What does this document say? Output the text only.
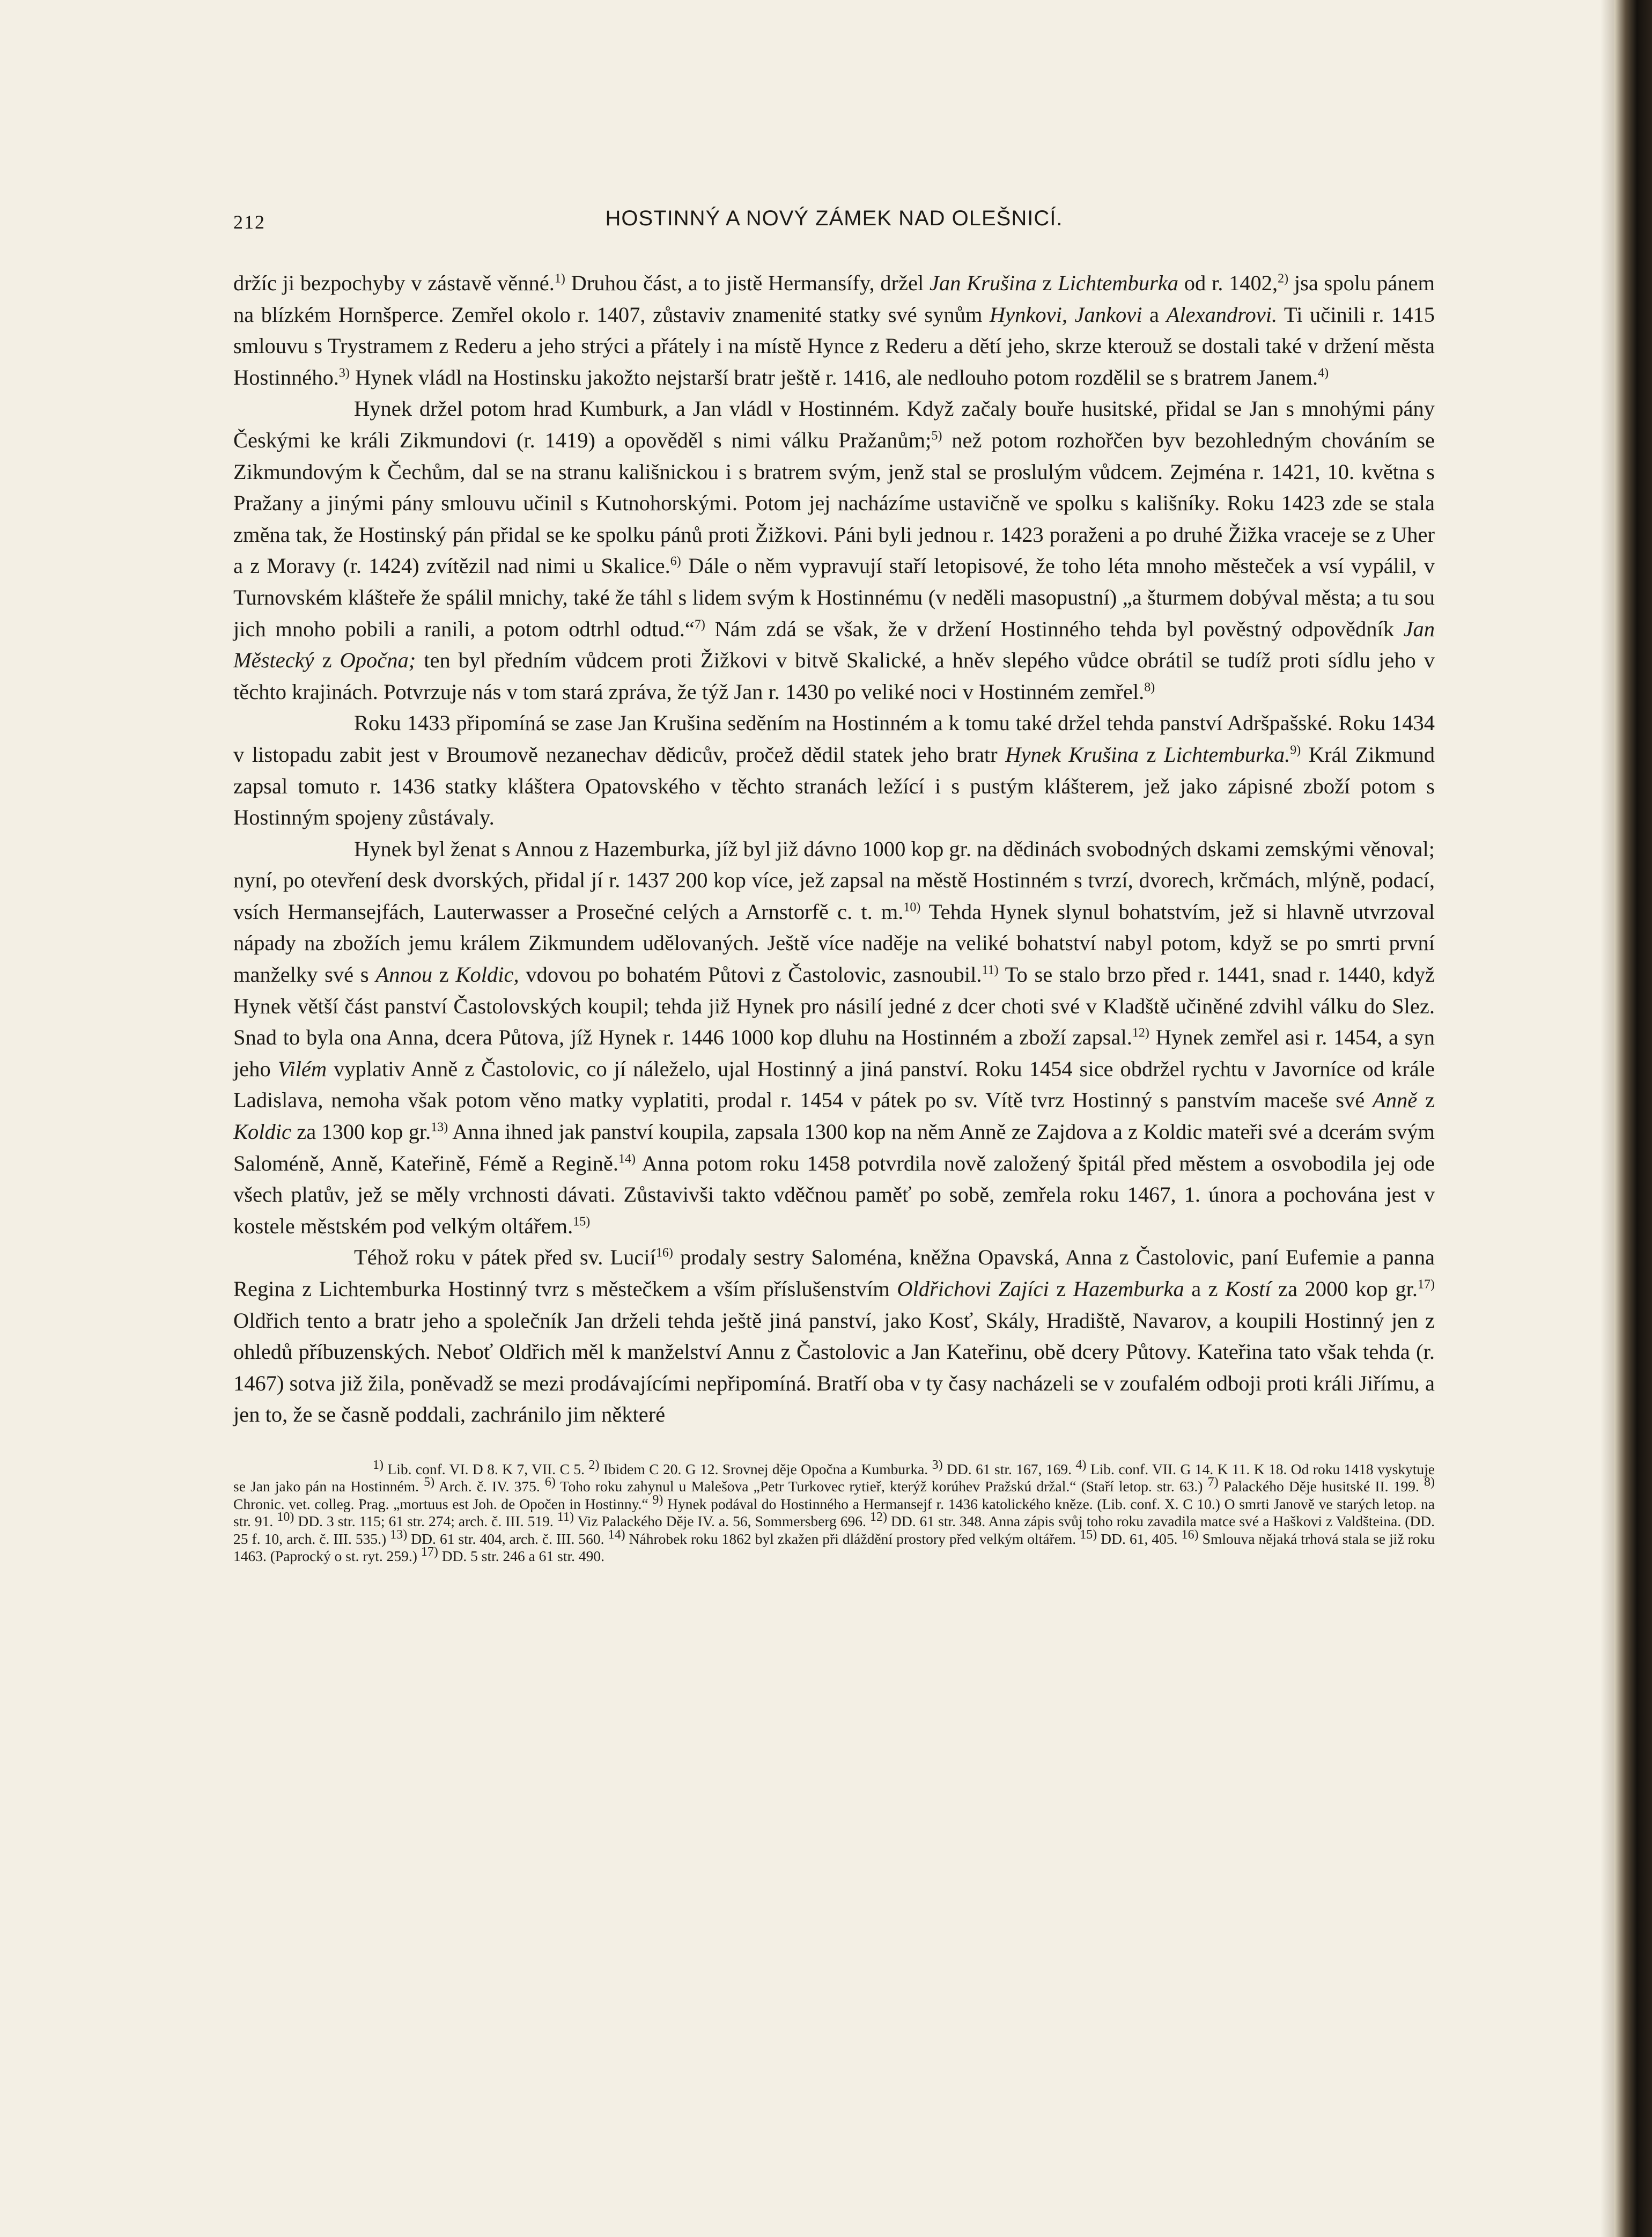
212	HOSTINNÝ A NOVÝ ZÁMEK NAD OLEŠNICÍ.

držíc ji bezpochyby v zástavě věnné.$^{1)}$ Druhou část, a to jistě Hermansífy, držel Jan Krušina z Lichtemburka od r. 1402,$^{2)}$ jsa spolu pánem na blízkém Hornšperce. Zemřel okolo r. 1407, zůstaviv znamenité statky své synům Hynkovi, Jankovi a Alexandrovi. Ti učinili r. 1415 smlouvu s Trystramem z Rederu a jeho strýci a přátely i na místě Hynce z Rederu a dětí jeho, skrze kterouž se dostali také v držení města Hostinného.$^{3)}$ Hynek vládl na Hostinsku jakožto nejstarší bratr ještě r. 1416, ale nedlouho potom rozdělil se s bratrem Janem.$^{4)}$

Hynek držel potom hrad Kumburk, a Jan vládl v Hostinném. Když začaly bouře husitské, přidal se Jan s mnohými pány Českými ke králi Zikmundovi (r. 1419) a opověděl s nimi válku Pražanům;$^{5)}$ než potom rozhořčen byv bezohledným chováním se Zikmundovým k Čechům, dal se na stranu kališnickou i s bratrem svým, jenž stal se proslulým vůdcem. Zejména r. 1421, 10. května s Pražany a jinými pány smlouvu učinil s Kutnohorskými. Potom jej nacházíme ustavičně ve spolku s kališníky. Roku 1423 zde se stala změna tak, že Hostinský pán přidal se ke spolku pánů proti Žižkovi. Páni byli jednou r. 1423 poraženi a po druhé Žižka vraceje se z Uher a z Moravy (r. 1424) zvítězil nad nimi u Skalice.$^{6)}$ Dále o něm vypravují staří letopisové, že toho léta mnoho městeček a vsí vypálil, v Turnovském klášteře že spálil mnichy, také že táhl s lidem svým k Hostinnému (v neděli masopustní) „a šturmem dobýval města; a tu sou jich mnoho pobili a ranili, a potom odtrhl odtud.“$^{7)}$ Nám zdá se však, že v držení Hostinného tehda byl pověstný odpovědník Jan Městecký z Opočna; ten byl předním vůdcem proti Žižkovi v bitvě Skalické, a hněv slepého vůdce obrátil se tudíž proti sídlu jeho v těchto krajinách. Potvrzuje nás v tom stará zpráva, že týž Jan r. 1430 po veliké noci v Hostinném zemřel.$^{8)}$

Roku 1433 připomíná se zase Jan Krušina seděním na Hostinném a k tomu také držel tehda panství Adršpašské. Roku 1434 v listopadu zabit jest v Broumově nezanechav dědicův, pročež dědil statek jeho bratr Hynek Krušina z Lichtemburka.$^{9)}$ Král Zikmund zapsal tomuto r. 1436 statky kláštera Opatovského v těchto stranách ležící i s pustým klášterem, jež jako zápisné zboží potom s Hostinným spojeny zůstávaly.

Hynek byl ženat s Annou z Hazemburka, jíž byl již dávno 1000 kop gr. na dědinách svobodných dskami zemskými věnoval; nyní, po otevření desk dvorských, přidal jí r. 1437 200 kop více, jež zapsal na městě Hostinném s tvrzí, dvorech, krčmách, mlýně, podací, vsích Hermansejfách, Lauterwasser a Prosečné celých a Arnstorfě c. t. m.$^{10)}$ Tehda Hynek slynul bohatstvím, jež si hlavně utvrzoval nápady na zbožích jemu králem Zikmundem udělovaných. Ještě více naděje na veliké bohatství nabyl potom, když se po smrti první manželky své s Annou z Koldic, vdovou po bohatém Půtovi z Častolovic, zasnoubil.$^{11)}$ To se stalo brzo před r. 1441, snad r. 1440, když Hynek větší část panství Častolovských koupil; tehda již Hynek pro násilí jedné z dcer choti své v Kladště učiněné zdvihl válku do Slez. Snad to byla ona Anna, dcera Půtova, jíž Hynek r. 1446 1000 kop dluhu na Hostinném a zboží zapsal.$^{12)}$ Hynek zemřel asi r. 1454, a syn jeho Vilém vyplativ Anně z Častolovic, co jí náleželo, ujal Hostinný a jiná panství. Roku 1454 sice obdržel rychtu v Javorníce od krále Ladislava, nemoha však potom věno matky vyplatiti, prodal r. 1454 v pátek po sv. Vítě tvrz Hostinný s panstvím maceše své Anně z Koldic za 1300 kop gr.$^{13)}$ Anna ihned jak panství koupila, zapsala 1300 kop na něm Anně ze Zajdova a z Koldic mateři své a dcerám svým Saloméně, Anně, Kateřině, Fémě a Regině.$^{14)}$ Anna potom roku 1458 potvrdila nově založený špitál před městem a osvobodila jej ode všech platův, jež se měly vrchnosti dávati. Zůstavivši takto vděčnou paměť po sobě, zemřela roku 1467, 1. února a pochována jest v kostele městském pod velkým oltářem.$^{15)}$

Téhož roku v pátek před sv. Lucií$^{16)}$ prodaly sestry Saloména, kněžna Opavská, Anna z Častolovic, paní Eufemie a panna Regina z Lichtemburka Hostinný tvrz s městečkem a vším příslušenstvím Oldřichovi Zajíci z Hazemburka a z Kostí za 2000 kop gr.$^{17)}$ Oldřich tento a bratr jeho a společník Jan drželi tehda ještě jiná panství, jako Kosť, Skály, Hradiště, Navarov, a koupili Hostinný jen z ohledů příbuzenských. Neboť Oldřich měl k manželství Annu z Častolovic a Jan Kateřinu, obě dcery Půtovy. Kateřina tato však tehda (r. 1467) sotva již žila, poněvadž se mezi prodávajícími nepřipomíná. Bratří oba v ty časy nacházeli se v zoufalém odboji proti králi Jiřímu, a jen to, že se časně poddali, zachránilo jim některé

$^{1)}$ Lib. conf. VI. D 8. K 7, VII. C 5. $^{2)}$ Ibidem C 20. G 12. Srovnej děje Opočna a Kumburka. $^{3)}$ DD. 61 str. 167, 169. $^{4)}$ Lib. conf. VII. G 14. K 11. K 18. Od roku 1418 vyskytuje se Jan jako pán na Hostinném. $^{5)}$ Arch. č. IV. 375. $^{6)}$ Toho roku zahynul u Malešova „Petr Turkovec rytieř, kterýž korúhev Pražskú držal.“ (Staří letop. str. 63.) $^{7)}$ Palackého Děje husitské II. 199. $^{8)}$ Chronic. vet. colleg. Prag. „mortuus est Joh. de Opočen in Hostinny.“ $^{9)}$ Hynek podával do Hostinného a Hermansejf r. 1436 katolického kněze. (Lib. conf. X. C 10.) O smrti Janově ve starých letop. na str. 91. $^{10)}$ DD. 3 str. 115; 61 str. 274; arch. č. III. 519. $^{11)}$ Viz Palackého Děje IV. a. 56, Sommersberg 696. $^{12)}$ DD. 61 str. 348. Anna zápis svůj toho roku zavadila matce své a Haškovi z Valdšteina. (DD. 25 f. 10, arch. č. III. 535.) $^{13)}$ DD. 61 str. 404, arch. č. III. 560. $^{14)}$ Náhrobek roku 1862 byl zkažen při dláždění prostory před velkým oltářem. $^{15)}$ DD. 61, 405. $^{16)}$ Smlouva nějaká trhová stala se již roku 1463. (Paprocký o st. ryt. 259.) $^{17)}$ DD. 5 str. 246 a 61 str. 490.
